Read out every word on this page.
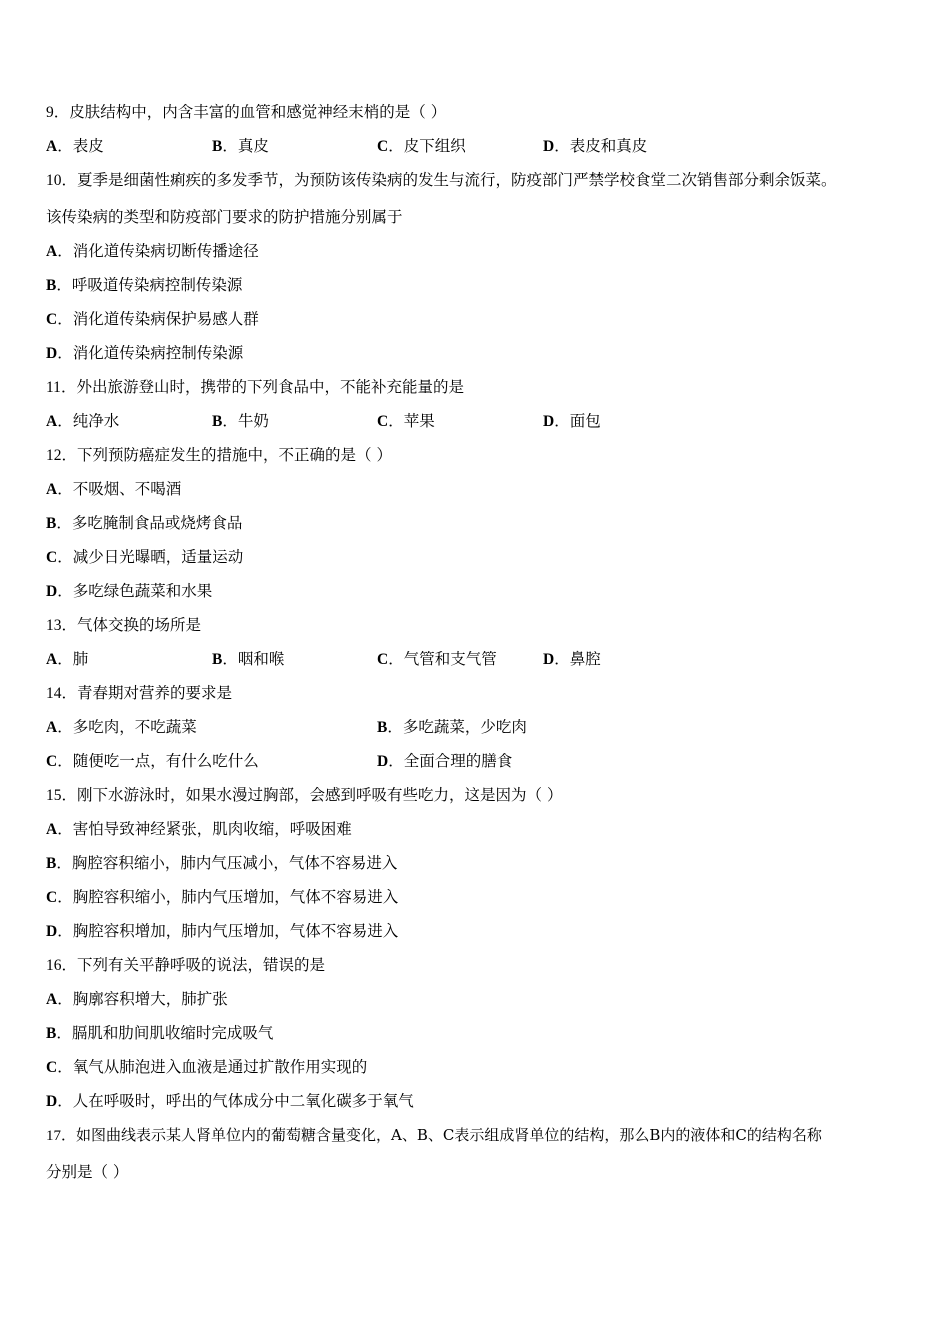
9．皮肤结构中，内含丰富的血管和感觉神经末梢的是（ ）
A．表皮	B．真皮	C．皮下组织	D．表皮和真皮
10．夏季是细菌性痢疾的多发季节，为预防该传染病的发生与流行，防疫部门严禁学校食堂二次销售部分剩余饭菜。
该传染病的类型和防疫部门要求的防护措施分别属于
A．消化道传染病切断传播途径
B．呼吸道传染病控制传染源
C．消化道传染病保护易感人群
D．消化道传染病控制传染源
11．外出旅游登山时，携带的下列食品中，不能补充能量的是
A．纯净水	B．牛奶	C．苹果	D．面包
12．下列预防癌症发生的措施中，不正确的是（ ）
A．不吸烟、不喝酒
B．多吃腌制食品或烧烤食品
C．减少日光曝晒，适量运动
D．多吃绿色蔬菜和水果
13．气体交换的场所是
A．肺	B．咽和喉	C．气管和支气管	D．鼻腔
14．青春期对营养的要求是
A．多吃肉，不吃蔬菜	B．多吃蔬菜，少吃肉
C．随便吃一点，有什么吃什么	D．全面合理的膳食
15．刚下水游泳时，如果水漫过胸部，会感到呼吸有些吃力，这是因为（ ）
A．害怕导致神经紧张，肌肉收缩，呼吸困难
B．胸腔容积缩小，肺内气压减小，气体不容易进入
C．胸腔容积缩小，肺内气压增加，气体不容易进入
D．胸腔容积增加，肺内气压增加，气体不容易进入
16．下列有关平静呼吸的说法，错误的是
A．胸廓容积增大，肺扩张
B．膈肌和肋间肌收缩时完成吸气
C．氧气从肺泡进入血液是通过扩散作用实现的
D．人在呼吸时，呼出的气体成分中二氧化碳多于氧气
17．如图曲线表示某人肾单位内的葡萄糖含量变化，A、B、C表示组成肾单位的结构，那么B内的液体和C的结构名称
分别是（ ）
